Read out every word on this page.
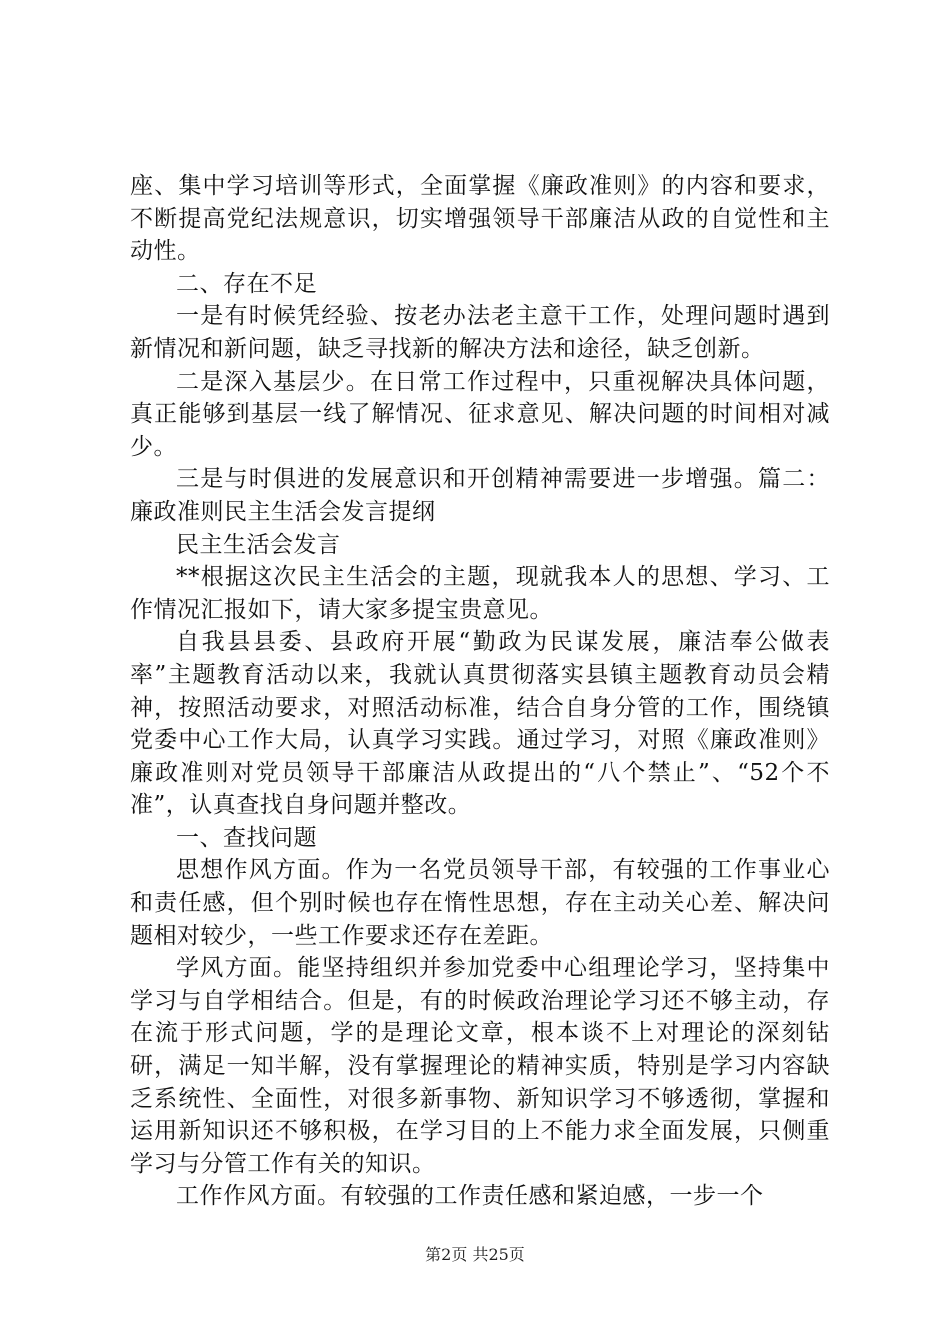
座、集中学习培训等形式，全面掌握《廉政准则》的内容和要求，不断提高党纪法规意识，切实增强领导干部廉洁从政的自觉性和主动性。

二、存在不足

一是有时候凭经验、按老办法老主意干工作，处理问题时遇到新情况和新问题，缺乏寻找新的解决方法和途径，缺乏创新。

二是深入基层少。在日常工作过程中，只重视解决具体问题，真正能够到基层一线了解情况、征求意见、解决问题的时间相对减少。

三是与时俱进的发展意识和开创精神需要进一步增强。篇二：廉政准则民主生活会发言提纲

民主生活会发言

**根据这次民主生活会的主题，现就我本人的思想、学习、工作情况汇报如下，请大家多提宝贵意见。

自我县县委、县政府开展“勤政为民谋发展，廉洁奉公做表率”主题教育活动以来，我就认真贯彻落实县镇主题教育动员会精神，按照活动要求，对照活动标准，结合自身分管的工作，围绕镇党委中心工作大局，认真学习实践。通过学习，对照《廉政准则》廉政准则对党员领导干部廉洁从政提出的“八个禁止”、“52个不准”，认真查找自身问题并整改。

一、查找问题

思想作风方面。作为一名党员领导干部，有较强的工作事业心和责任感，但个别时候也存在惰性思想，存在主动关心差、解决问题相对较少，一些工作要求还存在差距。

学风方面。能坚持组织并参加党委中心组理论学习，坚持集中学习与自学相结合。但是，有的时候政治理论学习还不够主动，存在流于形式问题，学的是理论文章，根本谈不上对理论的深刻钻研，满足一知半解，没有掌握理论的精神实质，特别是学习内容缺乏系统性、全面性，对很多新事物、新知识学习不够透彻，掌握和运用新知识还不够积极，在学习目的上不能力求全面发展，只侧重学习与分管工作有关的知识。

工作作风方面。有较强的工作责任感和紧迫感，一步一个

第2页 共25页
